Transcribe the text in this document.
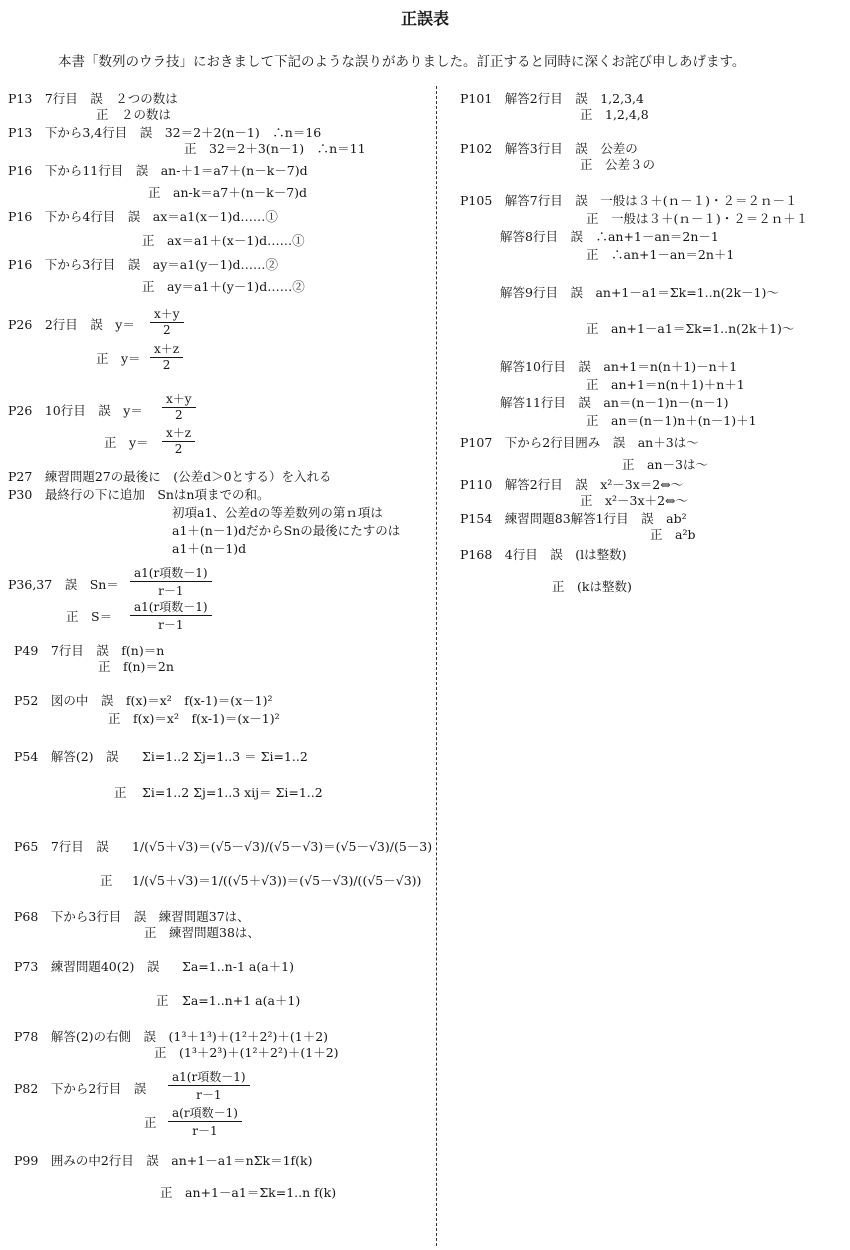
正誤表
本書「数列のウラ技」におきまして下記のような誤りがありました。訂正すると同時に深くお詫び申しあげます。
P13　7行目　誤　２つの数は
正　２の数は
P13　下から3,4行目　誤　32＝2＋2(n－1)　∴n＝16
正　32＝2＋3(n－1)　∴n＝11
P16　下から11行目　誤　an-＋1＝a7＋(n－k－7)d
正　an-k＝a7＋(n－k－7)d
P16　下から4行目　誤　ax＝a1(x－1)d……①
正　ax＝a1＋(x－1)d……①
P16　下から3行目　誤　ay＝a1(y－1)d……②
正　ay＝a1＋(y－1)d……②
P26　2行目　誤　$y= \frac{x+y}{2}$
正　$y= \frac{x+z}{2}$
P26　10行目　誤　$y= \frac{x+y}{2}$
正　$y= \frac{x+z}{2}$
P27　練習問題27の最後に　(公差d＞0とする）を入れる
P30　最終行の下に追加　Snはn項までの和。
初項a1、公差dの等差数列の第ｎ項は
a1＋(n－1)dだからSnの最後にたすのは
a1＋(n－1)d
P36,37　誤　Sn＝
a1(r項数－1)
r－1
正　S＝
a1(r項数－1)
r－1
P49　7行目　誤　f(n)＝n
正　f(n)＝2n
P52　図の中　誤　f(x)＝x²　f(x-1)＝(x－1)²
正　f(x)＝x²　f(x-1)＝(x－1)²
P54　解答(2)　誤 Σi=1..2 Σj=1..3 ＝ Σi=1..2
正 Σi=1..2 Σj=1..3 xij＝ Σi=1..2
P65　7行目　誤 1/(√5＋√3)＝(√5－√3)/(√5－√3)＝(√5－√3)/(5－3)
正 1/(√5＋√3)＝1/((√5＋√3))＝(√5－√3)/((√5－√3))
P68　下から3行目　誤　練習問題37は、
正　練習問題38は、
P73　練習問題40(2)　誤 Σa=1..n-1 a(a＋1)
正 Σa=1..n+1 a(a＋1)
P78　解答(2)の右側　誤　(1³＋1³)＋(1²＋2²)＋(1＋2)
正　(1³＋2³)＋(1²＋2²)＋(1＋2)
P82　下から2行目　誤
a1(r項数－1)
r－1
正
a(r項数－1)
r－1
P99　囲みの中2行目　誤　an+1－a1＝nΣk＝1f(k)
正　an+1－a1＝Σk=1..n f(k)
P101　解答2行目　誤　1,2,3,4
正　1,2,4,8
P102　解答3行目　誤　公差の
正　公差３の
P105　解答7行目　誤　一般は３＋(ｎ－１)・２＝２ｎ－１
正　一般は３＋(ｎ－１)・２＝２ｎ＋１
解答8行目　誤　∴an+1－an＝2n－1
正　∴an+1－an＝2n＋1
解答9行目　誤　an+1－a1＝Σk=1..n(2k－1)～
正　an+1－a1＝Σk=1..n(2k＋1)～
解答10行目　誤　an+1＝n(n＋1)－n＋1
正　an+1＝n(n＋1)＋n＋1
解答11行目　誤　an＝(n－1)n－(n－1)
正　an＝(n－1)n＋(n－1)＋1
P107　下から2行目囲み　誤　an＋3は～
正　an－3は～
P110　解答2行目　誤　x²－3x＝2⇔～
正　x²－3x＋2⇔～
P154　練習問題83解答1行目　誤　ab²
正　a²b
P168　4行目　誤　(lは整数)
正　(kは整数)
